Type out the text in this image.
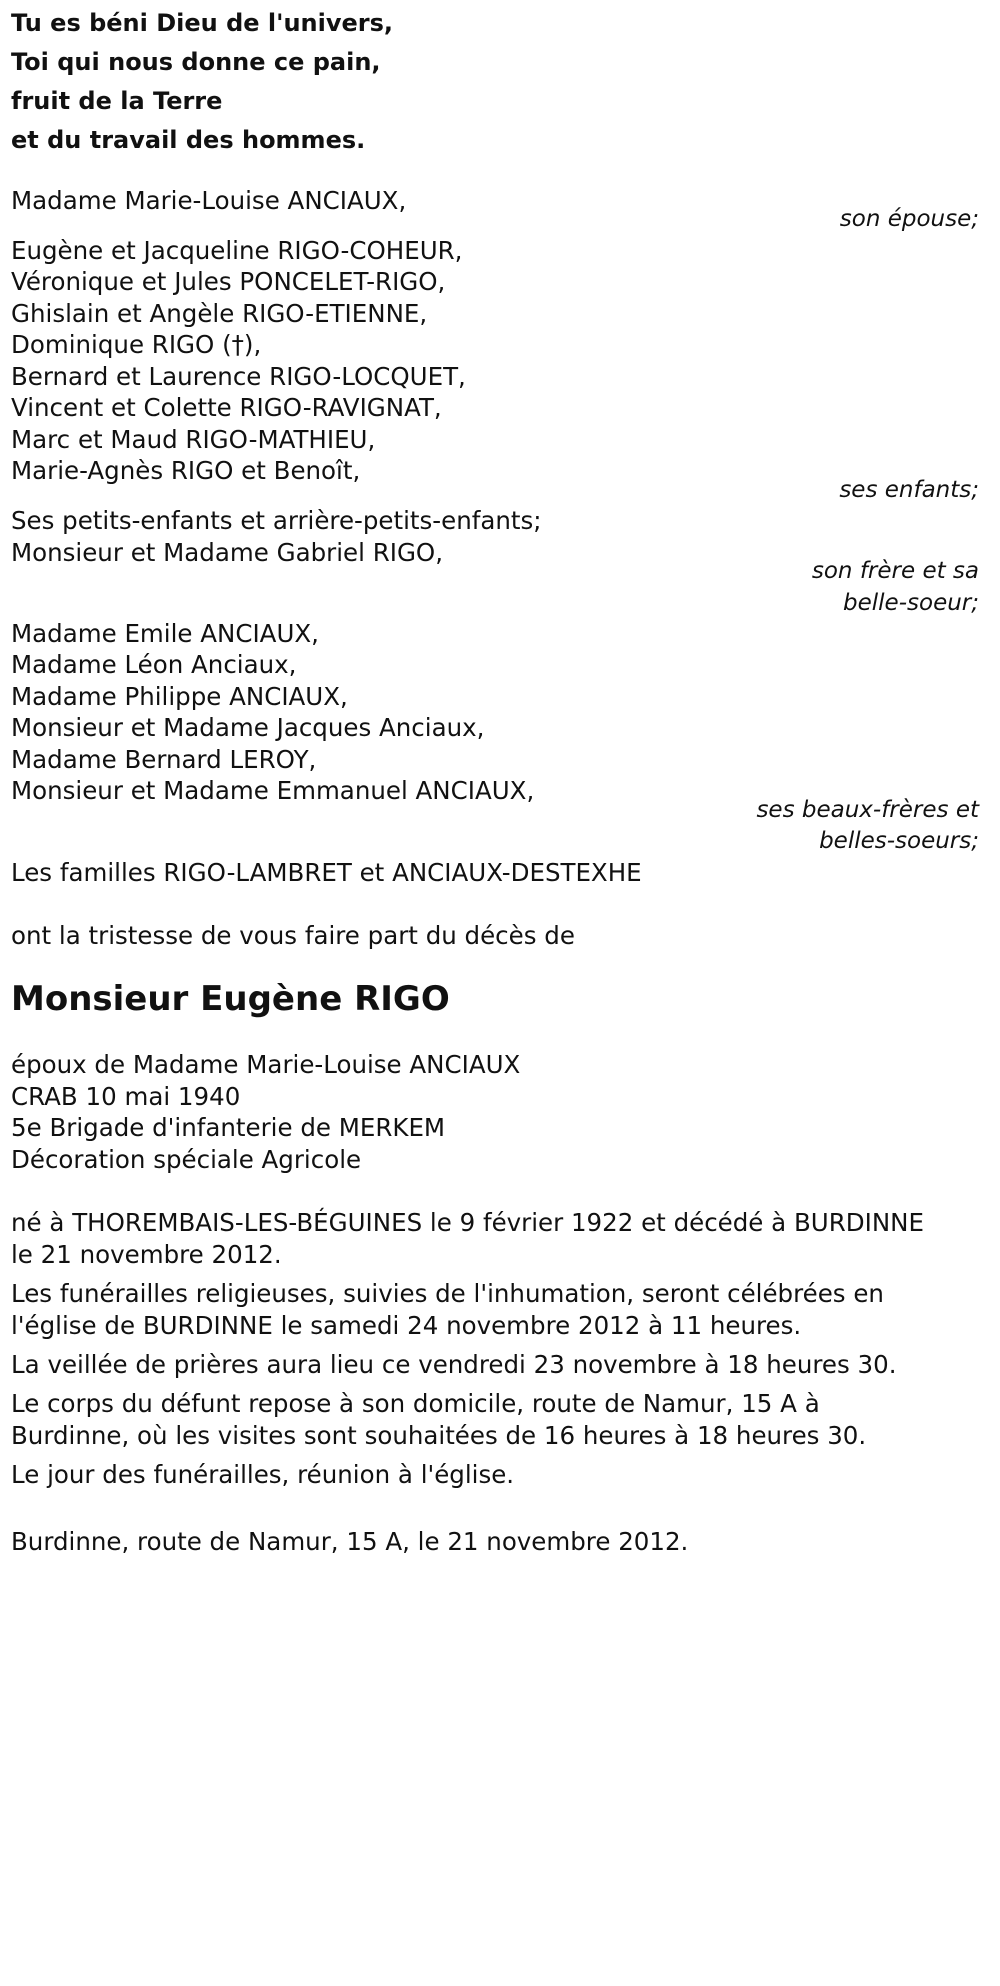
Tu es béni Dieu de l'univers,
Toi qui nous donne ce pain,
fruit de la Terre
et du travail des hommes.
Madame Marie-Louise ANCIAUX,
son épouse;
Eugène et Jacqueline RIGO-COHEUR,
Véronique et Jules PONCELET-RIGO,
Ghislain et Angèle RIGO-ETIENNE,
Dominique RIGO (†),
Bernard et Laurence RIGO-LOCQUET,
Vincent et Colette RIGO-RAVIGNAT,
Marc et Maud RIGO-MATHIEU,
Marie-Agnès RIGO et Benoît,
ses enfants;
Ses petits-enfants et arrière-petits-enfants;
Monsieur et Madame Gabriel RIGO,
son frère et sa
belle-soeur;
Madame Emile ANCIAUX,
Madame Léon Anciaux,
Madame Philippe ANCIAUX,
Monsieur et Madame Jacques Anciaux,
Madame Bernard LEROY,
Monsieur et Madame Emmanuel ANCIAUX,
ses beaux-frères et
belles-soeurs;
Les familles RIGO-LAMBRET et ANCIAUX-DESTEXHE
ont la tristesse de vous faire part du décès de
Monsieur Eugène RIGO
époux de Madame Marie-Louise ANCIAUX
CRAB 10 mai 1940
5e Brigade d'infanterie de MERKEM
Décoration spéciale Agricole
né à THOREMBAIS-LES-BÉGUINES le 9 février 1922 et décédé à BURDINNE
le 21 novembre 2012.
Les funérailles religieuses, suivies de l'inhumation, seront célébrées en
l'église de BURDINNE le samedi 24 novembre 2012 à 11 heures.
La veillée de prières aura lieu ce vendredi 23 novembre à 18 heures 30.
Le corps du défunt repose à son domicile, route de Namur, 15 A à
Burdinne, où les visites sont souhaitées de 16 heures à 18 heures 30.
Le jour des funérailles, réunion à l'église.
Burdinne, route de Namur, 15 A, le 21 novembre 2012.
